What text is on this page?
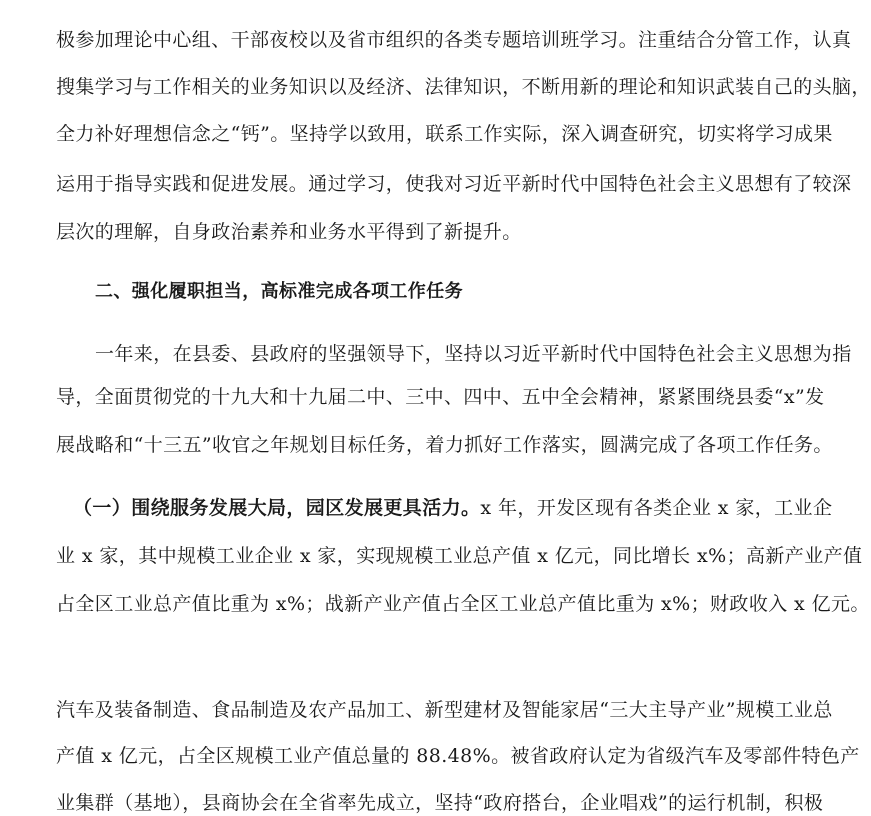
极参加理论中心组、干部夜校以及省市组织的各类专题培训班学习。注重结合分管工作，认真
搜集学习与工作相关的业务知识以及经济、法律知识，不断用新的理论和知识武装自己的头脑，
全力补好理想信念之“钙”。坚持学以致用，联系工作实际，深入调查研究，切实将学习成果
运用于指导实践和促进发展。通过学习，使我对习近平新时代中国特色社会主义思想有了较深
层次的理解，自身政治素养和业务水平得到了新提升。
二、强化履职担当，高标准完成各项工作任务
一年来，在县委、县政府的坚强领导下，坚持以习近平新时代中国特色社会主义思想为指
导，全面贯彻党的十九大和十九届二中、三中、四中、五中全会精神，紧紧围绕县委“x”发
展战略和“十三五”收官之年规划目标任务，着力抓好工作落实，圆满完成了各项工作任务。
（一）围绕服务发展大局，园区发展更具活力。 x 年，开发区现有各类企业 x 家，工业企
业 x 家，其中规模工业企业 x 家，实现规模工业总产值 x 亿元，同比增长 x%；高新产业产值
占全区工业总产值比重为 x%；战新产业产值占全区工业总产值比重为 x%；财政收入 x 亿元。
汽车及装备制造、食品制造及农产品加工、新型建材及智能家居“三大主导产业”规模工业总
产值 x 亿元，占全区规模工业产值总量的 88.48%。被省政府认定为省级汽车及零部件特色产
业集群（基地），县商协会在全省率先成立，坚持“政府搭台，企业唱戏”的运行机制，积极
